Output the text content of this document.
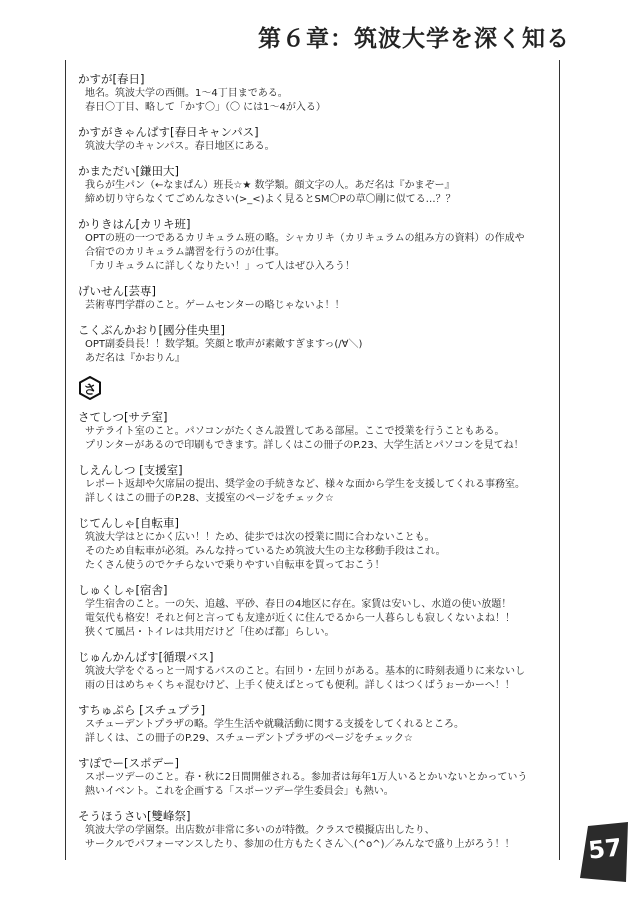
第６章：筑波大学を深く知る
かすが[春日]
地名。筑波大学の西側。1～4丁目まである。
春日〇丁目、略して「かす〇」（〇 には1～4が入る）
かすがきゃんぱす[春日キャンパス]
筑波大学のキャンパス。春日地区にある。
かまただい[鎌田大]
我らが生パン（←なまぱん）班長☆★ 数学類。顔文字の人。あだ名は『かまぞー』
締め切り守らなくてごめんなさい(>_<)よく見るとSM〇Pの草〇剛に似てる…？？
かりきはん[カリキ班]
OPTの班の一つであるカリキュラム班の略。シャカリキ（カリキュラムの組み方の資料）の作成や
合宿でのカリキュラム講習を行うのが仕事。
「カリキュラムに詳しくなりたい！」って人はぜひ入ろう！
げいせん[芸専]
芸術専門学群のこと。ゲームセンターの略じゃないよ！！
こくぶんかおり[國分佳央里]
OPT副委員長！！数学類。笑顔と歌声が素敵すぎますっ(/∀＼)
あだ名は『かおりん』
さ
さてしつ[サテ室]
サテライト室のこと。パソコンがたくさん設置してある部屋。ここで授業を行うこともある。
プリンターがあるので印刷もできます。詳しくはこの冊子のP.23、大学生活とパソコンを見てね！
しえんしつ [支援室]
レポート返却や欠席届の提出、奨学金の手続きなど、様々な面から学生を支援してくれる事務室。
詳しくはこの冊子のP.28、支援室のページをチェック☆
じてんしゃ[自転車]
筑波大学はとにかく広い！！ため、徒歩では次の授業に間に合わないことも。
そのため自転車が必須。みんな持っているため筑波大生の主な移動手段はこれ。
たくさん使うのでケチらないで乗りやすい自転車を買っておこう！
しゅくしゃ[宿舎]
学生宿舎のこと。一の矢、追越、平砂、春日の4地区に存在。家賃は安いし、水道の使い放題！
電気代も格安！それと何と言っても友達が近くに住んでるから一人暮らしも寂しくないよね！！
狭くて風呂・トイレは共用だけど「住めば都」らしい。
じゅんかんばす[循環バス]
筑波大学をぐるっと一周するバスのこと。右回り・左回りがある。基本的に時刻表通りに来ないし
雨の日はめちゃくちゃ混むけど、上手く使えばとっても便利。詳しくはつくばうぉーかーへ！！
すちゅぷら [スチュプラ]
スチューデントプラザの略。学生生活や就職活動に関する支援をしてくれるところ。
詳しくは、この冊子のP.29、スチューデントプラザのページをチェック☆
すぽでー[スポデー]
スポーツデーのこと。春・秋に2日間開催される。参加者は毎年1万人いるとかいないとかっていう
熱いイベント。これを企画する「スポーツデー学生委員会」も熱い。
そうほうさい[雙峰祭]
筑波大学の学園祭。出店数が非常に多いのが特徴。クラスで模擬店出したり、
サークルでパフォーマンスしたり、参加の仕方もたくさん＼(^o^)／みんなで盛り上がろう！！	57
